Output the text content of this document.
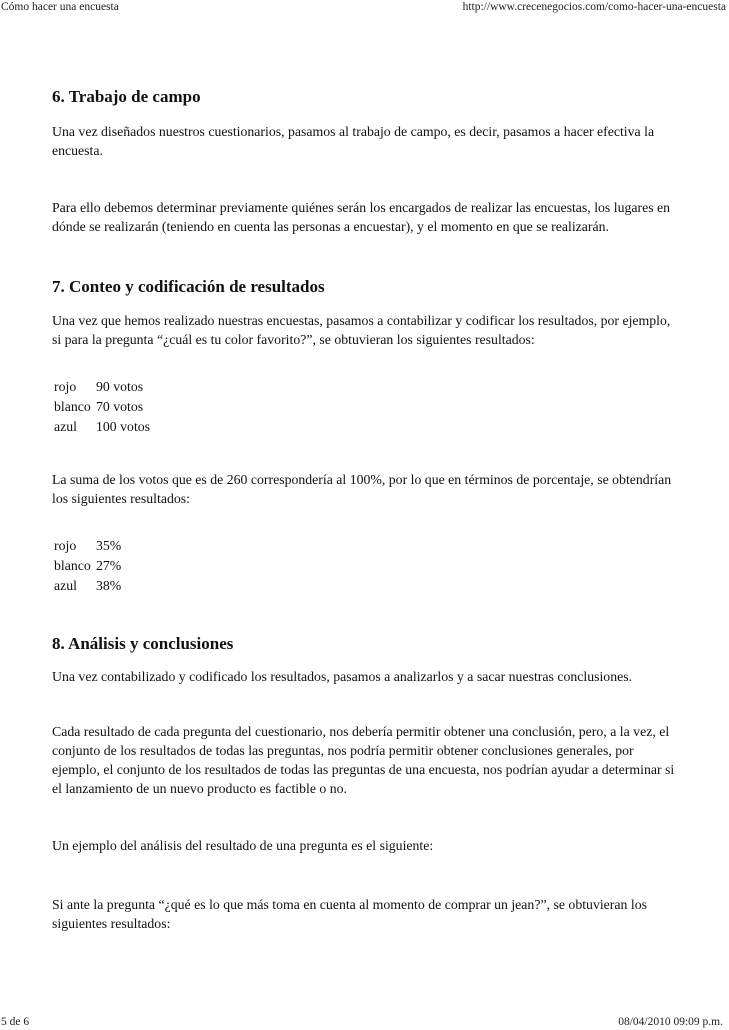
Cómo hacer una encuesta	http://www.crecenegocios.com/como-hacer-una-encuesta
6. Trabajo de campo

Una vez diseñados nuestros cuestionarios, pasamos al trabajo de campo, es decir, pasamos a hacer efectiva la encuesta.

Para ello debemos determinar previamente quiénes serán los encargados de realizar las encuestas, los lugares en dónde se realizarán (teniendo en cuenta las personas a encuestar), y el momento en que se realizarán.

7. Conteo y codificación de resultados

Una vez que hemos realizado nuestras encuestas, pasamos a contabilizar y codificar los resultados, por ejemplo, si para la pregunta “¿cuál es tu color favorito?”, se obtuvieran los siguientes resultados:

rojo	90 votos
blanco	70 votos
azul	100 votos

La suma de los votos que es de 260 correspondería al 100%, por lo que en términos de porcentaje, se obtendrían los siguientes resultados:

rojo	35%
blanco	27%
azul	38%
8. Análisis y conclusiones

Una vez contabilizado y codificado los resultados, pasamos a analizarlos y a sacar nuestras conclusiones.

Cada resultado de cada pregunta del cuestionario, nos debería permitir obtener una conclusión, pero, a la vez, el conjunto de los resultados de todas las preguntas, nos podría permitir obtener conclusiones generales, por ejemplo, el conjunto de los resultados de todas las preguntas de una encuesta, nos podrían ayudar a determinar si el lanzamiento de un nuevo producto es factible o no.

Un ejemplo del análisis del resultado de una pregunta es el siguiente:

Si ante la pregunta “¿qué es lo que más toma en cuenta al momento de comprar un jean?”, se obtuvieran los siguientes resultados:

5 de 6	08/04/2010 09:09 p.m.
